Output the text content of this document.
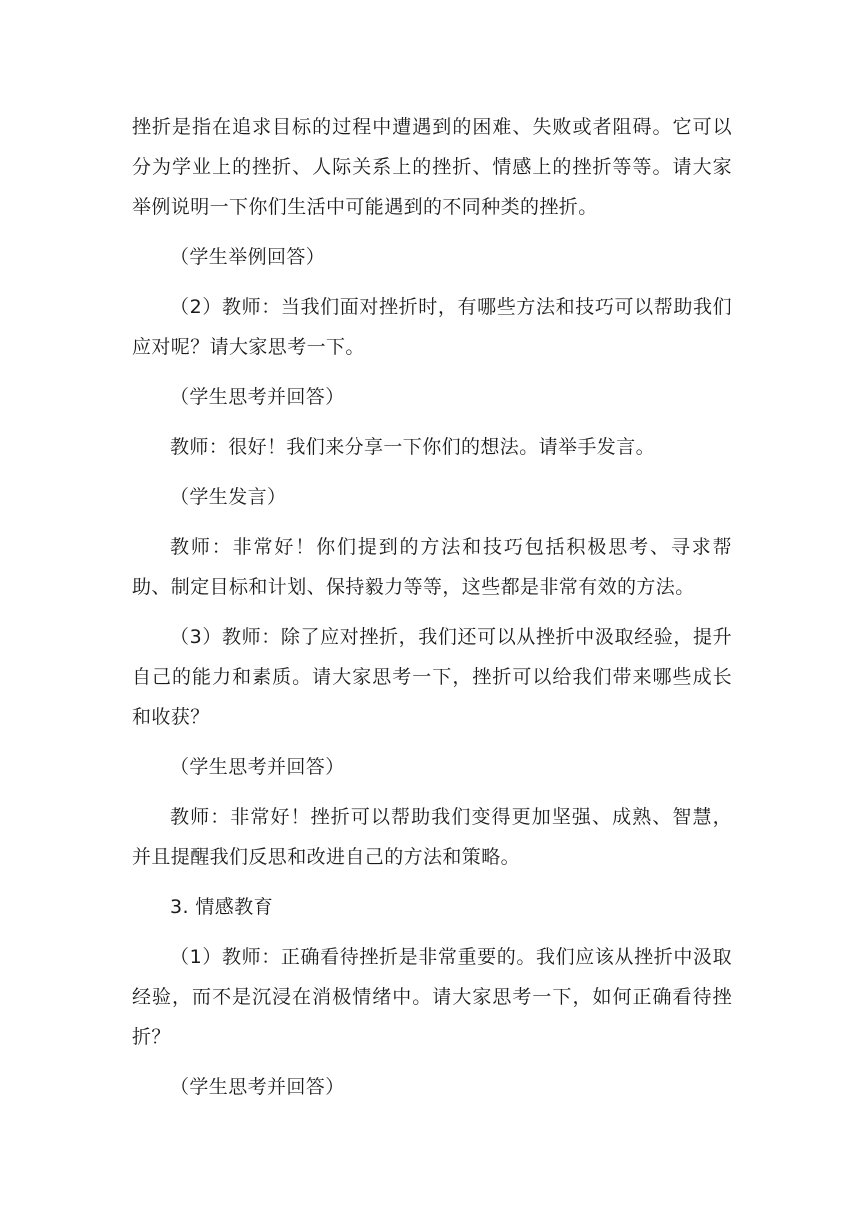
挫折是指在追求目标的过程中遭遇到的困难、失败或者阻碍。它可以分为学业上的挫折、人际关系上的挫折、情感上的挫折等等。请大家举例说明一下你们生活中可能遇到的不同种类的挫折。

（学生举例回答）

（2）教师：当我们面对挫折时，有哪些方法和技巧可以帮助我们应对呢？请大家思考一下。

（学生思考并回答）

教师：很好！我们来分享一下你们的想法。请举手发言。

（学生发言）

教师：非常好！你们提到的方法和技巧包括积极思考、寻求帮助、制定目标和计划、保持毅力等等，这些都是非常有效的方法。

（3）教师：除了应对挫折，我们还可以从挫折中汲取经验，提升自己的能力和素质。请大家思考一下，挫折可以给我们带来哪些成长和收获？

（学生思考并回答）

教师：非常好！挫折可以帮助我们变得更加坚强、成熟、智慧，并且提醒我们反思和改进自己的方法和策略。

3. 情感教育

（1）教师：正确看待挫折是非常重要的。我们应该从挫折中汲取经验，而不是沉浸在消极情绪中。请大家思考一下，如何正确看待挫折？

（学生思考并回答）
